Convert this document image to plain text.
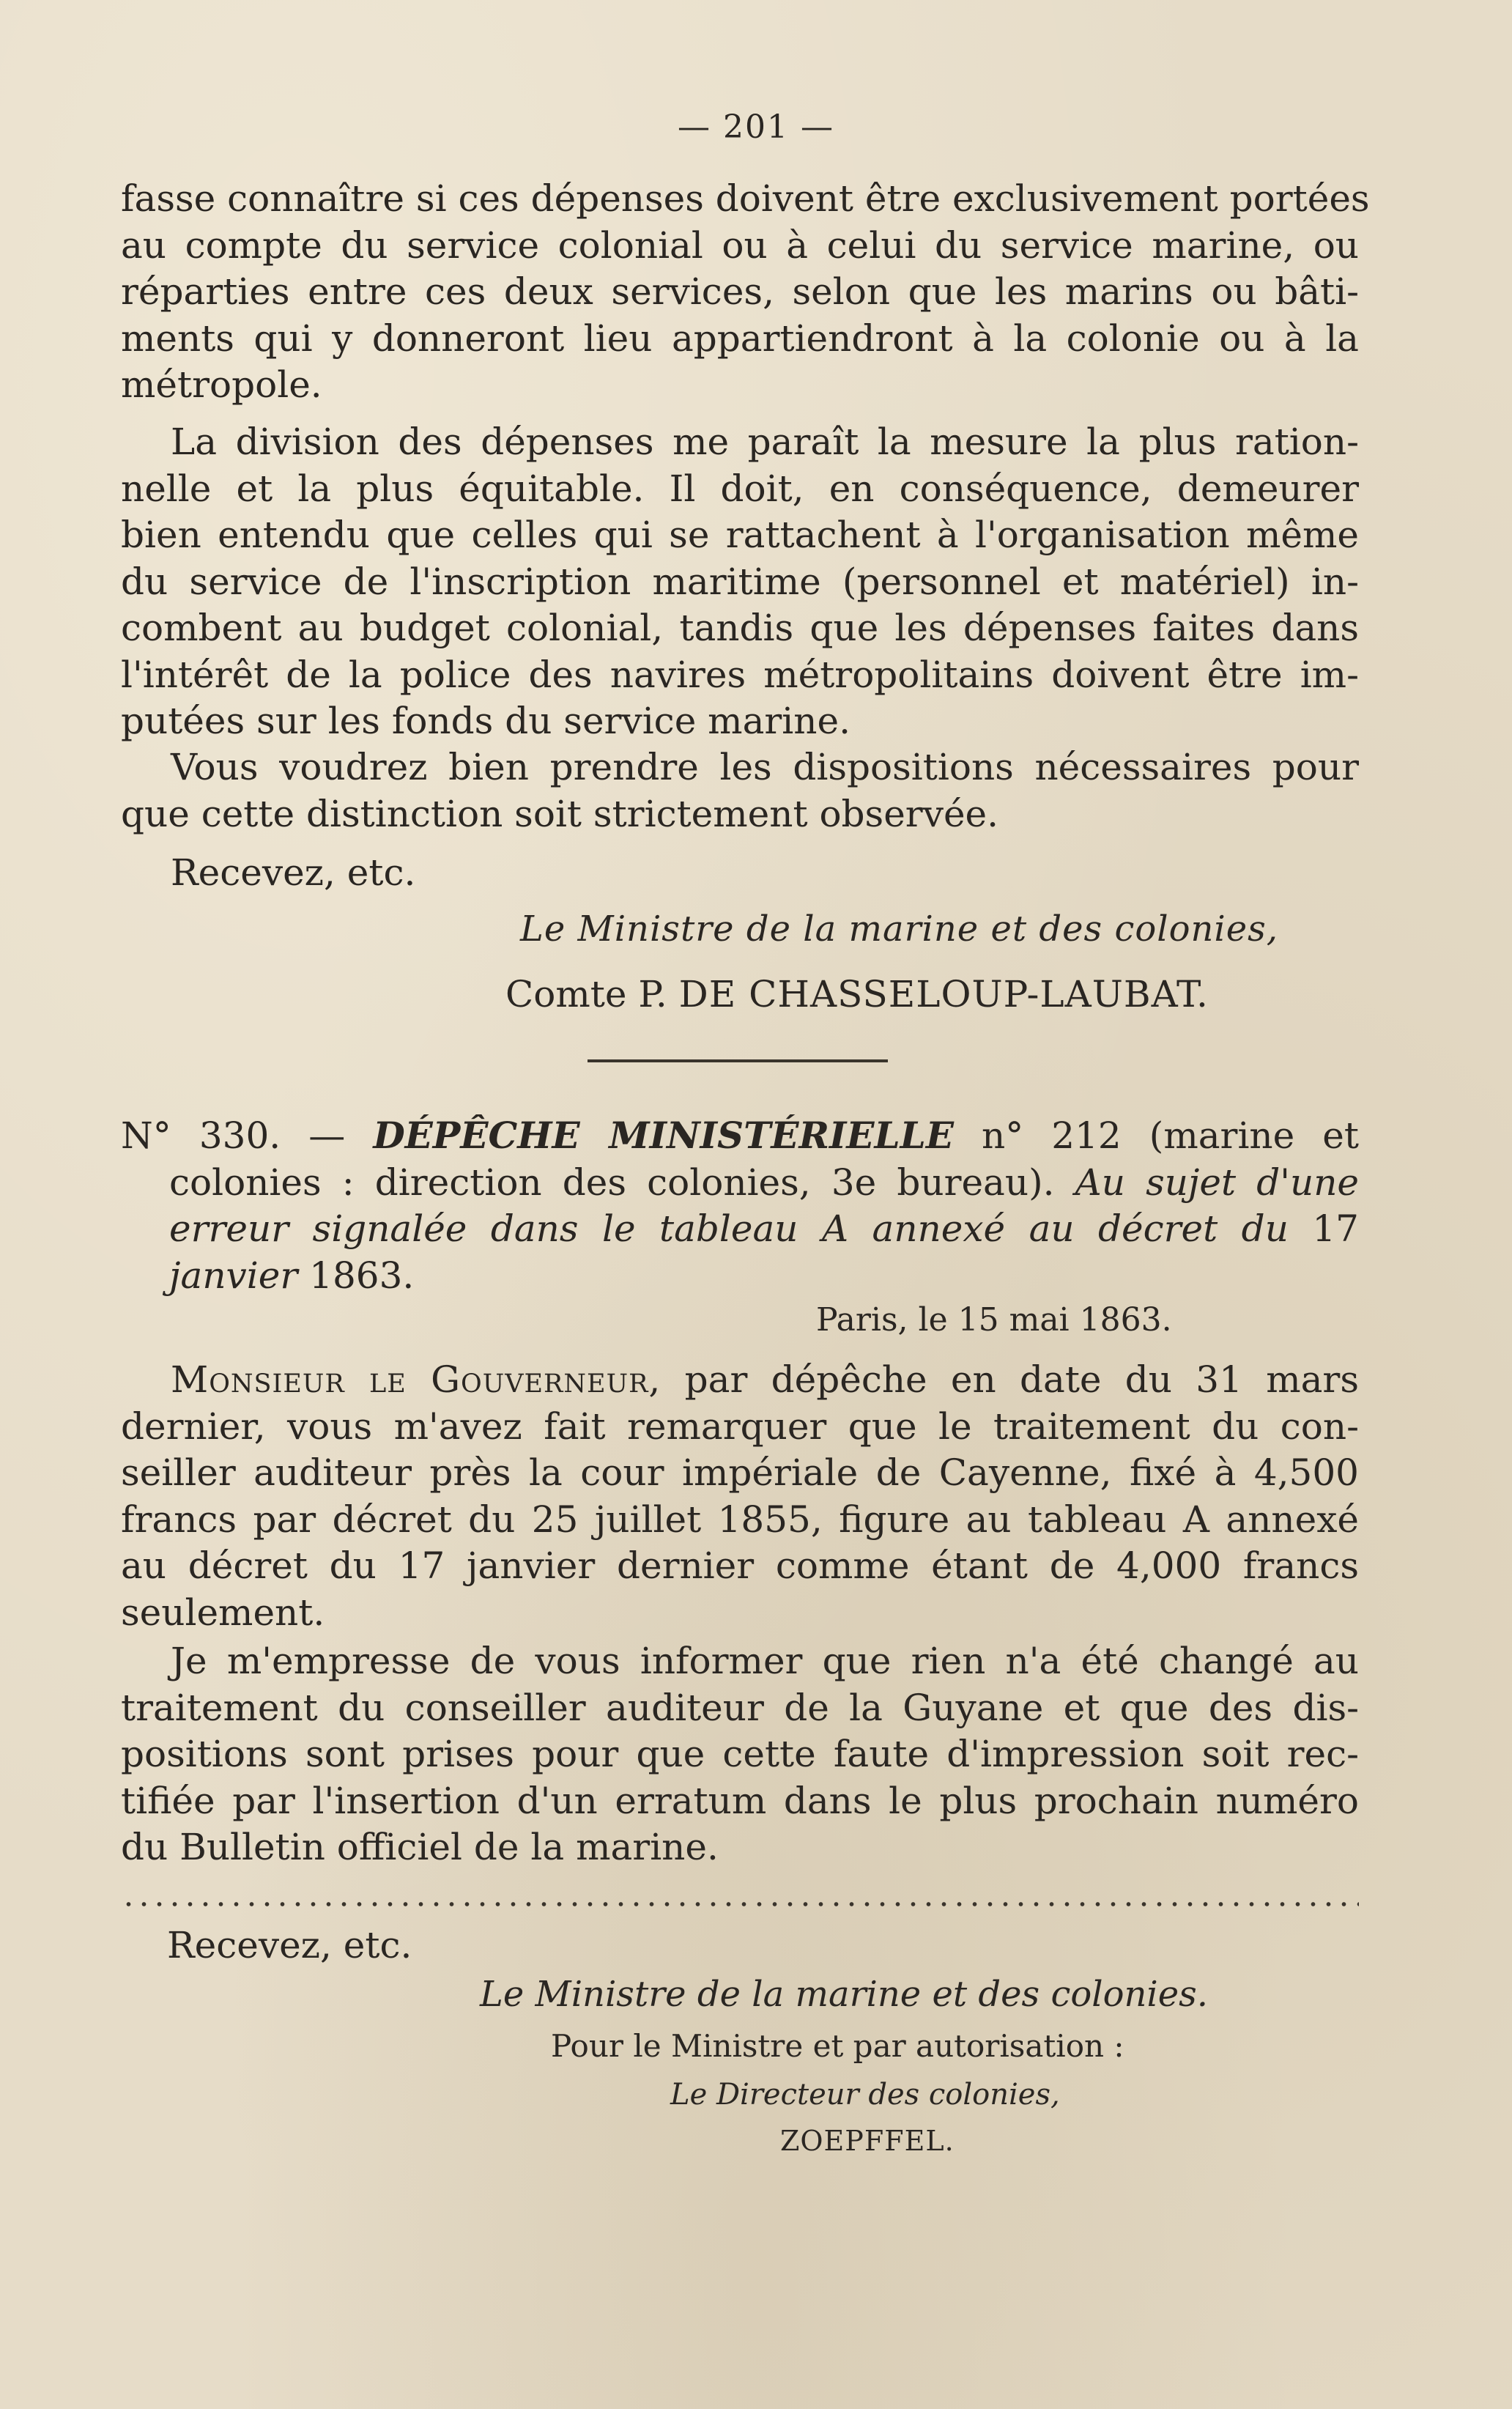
— 201 —
fasse connaître si ces dépenses doivent être exclusivement portées
au compte du service colonial ou à celui du service marine, ou
réparties entre ces deux services, selon que les marins ou bâti-
ments qui y donneront lieu appartiendront à la colonie ou à la
métropole.
La division des dépenses me paraît la mesure la plus ration-
nelle et la plus équitable. Il doit, en conséquence, demeurer
bien entendu que celles qui se rattachent à l'organisation même
du service de l'inscription maritime (personnel et matériel) in-
combent au budget colonial, tandis que les dépenses faites dans
l'intérêt de la police des navires métropolitains doivent être im-
putées sur les fonds du service marine.
Vous voudrez bien prendre les dispositions nécessaires pour
que cette distinction soit strictement observée.
Recevez, etc.
Le Ministre de la marine et des colonies,
Comte P. DE CHASSELOUP-LAUBAT.
N° 330. — DÉPÊCHE MINISTÉRIELLE n° 212 (marine et
colonies : direction des colonies, 3e bureau). Au sujet d'une
erreur signalée dans le tableau A annexé au décret du 17
janvier 1863.
Paris, le 15 mai 1863.
Monsieur le Gouverneur, par dépêche en date du 31 mars
dernier, vous m'avez fait remarquer que le traitement du con-
seiller auditeur près la cour impériale de Cayenne, fixé à 4,500
francs par décret du 25 juillet 1855, figure au tableau A annexé
au décret du 17 janvier dernier comme étant de 4,000 francs
seulement.
Je m'empresse de vous informer que rien n'a été changé au
traitement du conseiller auditeur de la Guyane et que des dis-
positions sont prises pour que cette faute d'impression soit rec-
tifiée par l'insertion d'un erratum dans le plus prochain numéro
du Bulletin officiel de la marine.
Recevez, etc.
Le Ministre de la marine et des colonies.
Pour le Ministre et par autorisation :
Le Directeur des colonies,
ZOEPFFEL.
